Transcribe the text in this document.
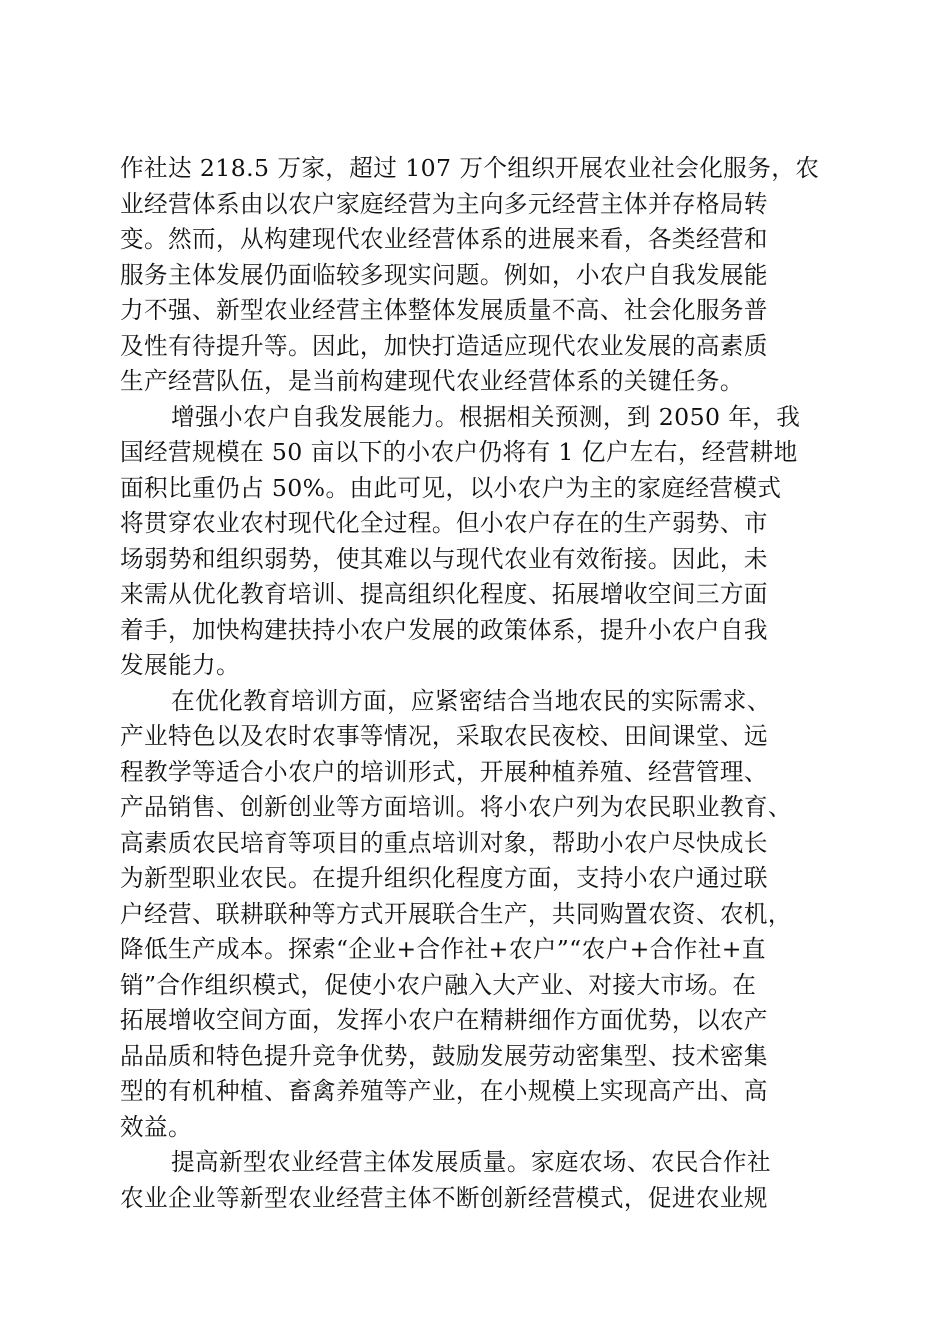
作社达 218.5 万家，超过 107 万个组织开展农业社会化服务，农
业经营体系由以农户家庭经营为主向多元经营主体并存格局转
变。然而，从构建现代农业经营体系的进展来看，各类经营和
服务主体发展仍面临较多现实问题。例如，小农户自我发展能
力不强、新型农业经营主体整体发展质量不高、社会化服务普
及性有待提升等。因此，加快打造适应现代农业发展的高素质
生产经营队伍，是当前构建现代农业经营体系的关键任务。

增强小农户自我发展能力。根据相关预测，到 2050 年，我
国经营规模在 50 亩以下的小农户仍将有 1 亿户左右，经营耕地
面积比重仍占 50%。由此可见，以小农户为主的家庭经营模式
将贯穿农业农村现代化全过程。但小农户存在的生产弱势、市
场弱势和组织弱势，使其难以与现代农业有效衔接。因此，未
来需从优化教育培训、提高组织化程度、拓展增收空间三方面
着手，加快构建扶持小农户发展的政策体系，提升小农户自我
发展能力。

在优化教育培训方面，应紧密结合当地农民的实际需求、
产业特色以及农时农事等情况，采取农民夜校、田间课堂、远
程教学等适合小农户的培训形式，开展种植养殖、经营管理、
产品销售、创新创业等方面培训。将小农户列为农民职业教育、
高素质农民培育等项目的重点培训对象，帮助小农户尽快成长
为新型职业农民。在提升组织化程度方面，支持小农户通过联
户经营、联耕联种等方式开展联合生产，共同购置农资、农机，
降低生产成本。探索“企业+合作社+农户”“农户+合作社+直
销”合作组织模式，促使小农户融入大产业、对接大市场。在
拓展增收空间方面，发挥小农户在精耕细作方面优势，以农产
品品质和特色提升竞争优势，鼓励发展劳动密集型、技术密集
型的有机种植、畜禽养殖等产业，在小规模上实现高产出、高
效益。

提高新型农业经营主体发展质量。家庭农场、农民合作社
农业企业等新型农业经营主体不断创新经营模式，促进农业规
